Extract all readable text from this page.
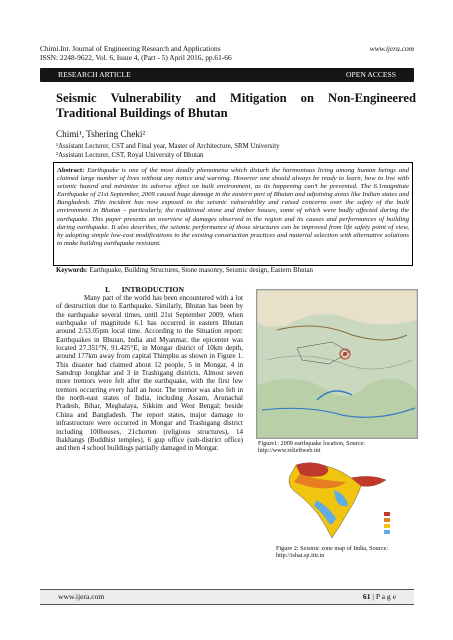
Chimi.Int. Journal of Engineering Research and Applications	www.ijera.com
ISSN: 2248-9622, Vol. 6, Issue 4, (Part - 5) April 2016, pp.61-66
RESEARCH ARTICLE	OPEN ACCESS
Seismic Vulnerability and Mitigation on Non-Engineered
Traditional Buildings of Bhutan
Chimi¹, Tshering Cheki²
¹Assistant Lecturer, CST and Final year, Master of Architecture, SRM University
²Assistant Lecturer, CST, Royal University of Bhutan
Abstract: Earthquake is one of the most deadly phenomena which disturb the harmonious living among human beings and claimed large number of lives without any notice and warning. However one should always be ready to learn, how to live with seismic hazard and minimize its adverse effect on built environment, as its happening can’t be prevented. The 6.1magnitute Earthquake of 21st September, 2009 caused huge damage in the eastern part of Bhutan and adjoining areas like Indian states and Bangladesh. This incident has now exposed to the seismic vulnerability and raised concerns over the safety of the built environment in Bhutan – particularly, the traditional stone and timber houses, some of which were badly affected during the earthquake. This paper presents an overview of damages observed in the region and its causes and performances of building during earthquake. It also describes, the seismic performance of those structures can be improved from life safety point of view, by adopting simple low-cost modifications to the existing construction practices and material selection with alternative solutions to make building earthquake resistant.
Keywords: Earthquake, Building Structures, Stone masonry, Seismic design, Eastern Bhutan
I.      INTRODUCTION

Many part of the world has been encountered with a lot of destruction due to Earthquake. Similarly, Bhutan has been by the earthquake several times, until 21st September 2009, when earthquake of magnitude 6.1 has occurred in eastern Bhutan around 2:53.05pm local time. According to the Situation report: Earthquakes in Bhutan, India and Myanmar, the epicenter was located 27.351°N, 91.425°E, in Mongar district of 10km depth, around 177km away from capital Thimphu as shown in Figure 1. This disaster had claimed about 12 people, 5 in Mongar, 4 in Samdrup Jongkhar and 3 in Trashigang districts. Almost seven more tremors were felt after the earthquake, with the first few tremors occurring every half an hour. The tremor was also felt in the north-east states of India, including Assam, Arunachal Pradesh, Bihar, Meghalaya, Sikkim and West Bengal; beside China and Bangladesh. The report states, major damage to infrastructure were occurred in Mongar and Trashigang district including 100houses, 21chorten (religious structures), 14 lhakhangs (Buddhist temples), 6 gup office (sub-district office) and then 4 school buildings partially damaged in Mongar.

Figure1: 2009 earthquake location, Source: http://www.relieftweb.int
Figure 2: Seismic zone map of India, Source: http://ishat.sp.iitr.in
www.ijera.com	61 | P a g e
